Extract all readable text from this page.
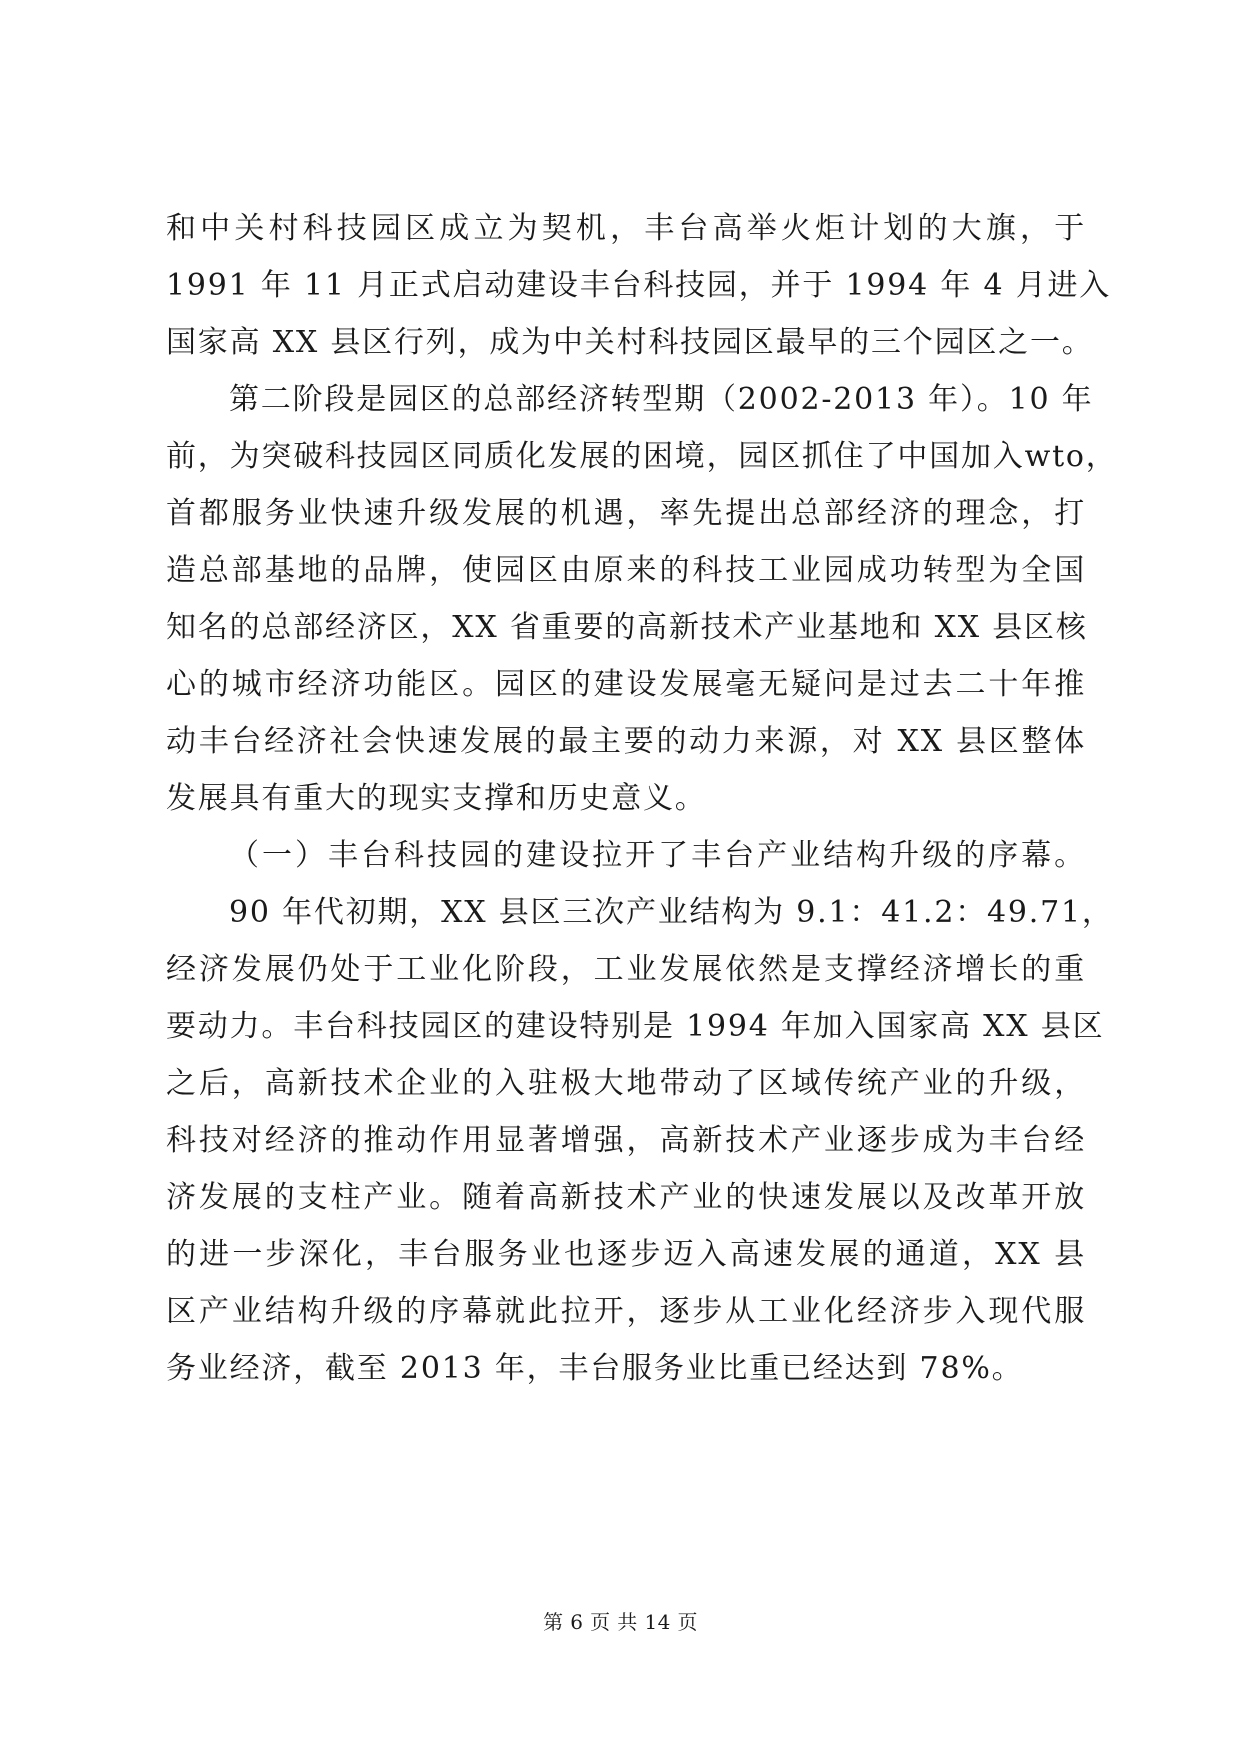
和中关村科技园区成立为契机，丰台高举火炬计划的大旗，于
1991 年 11 月正式启动建设丰台科技园，并于 1994 年 4 月进入
国家高 XX 县区行列，成为中关村科技园区最早的三个园区之一。
第二阶段是园区的总部经济转型期（2002-2013 年）。10 年
前，为突破科技园区同质化发展的困境，园区抓住了中国加入wto，
首都服务业快速升级发展的机遇，率先提出总部经济的理念，打
造总部基地的品牌，使园区由原来的科技工业园成功转型为全国
知名的总部经济区，XX 省重要的高新技术产业基地和 XX 县区核
心的城市经济功能区。园区的建设发展毫无疑问是过去二十年推
动丰台经济社会快速发展的最主要的动力来源，对 XX 县区整体
发展具有重大的现实支撑和历史意义。
（一）丰台科技园的建设拉开了丰台产业结构升级的序幕。
90 年代初期，XX 县区三次产业结构为 9.1：41.2：49.71，
经济发展仍处于工业化阶段，工业发展依然是支撑经济增长的重
要动力。丰台科技园区的建设特别是 1994 年加入国家高 XX 县区
之后，高新技术企业的入驻极大地带动了区域传统产业的升级，
科技对经济的推动作用显著增强，高新技术产业逐步成为丰台经
济发展的支柱产业。随着高新技术产业的快速发展以及改革开放
的进一步深化，丰台服务业也逐步迈入高速发展的通道，XX 县
区产业结构升级的序幕就此拉开，逐步从工业化经济步入现代服
务业经济，截至 2013 年，丰台服务业比重已经达到 78%。
第 6 页 共 14 页
